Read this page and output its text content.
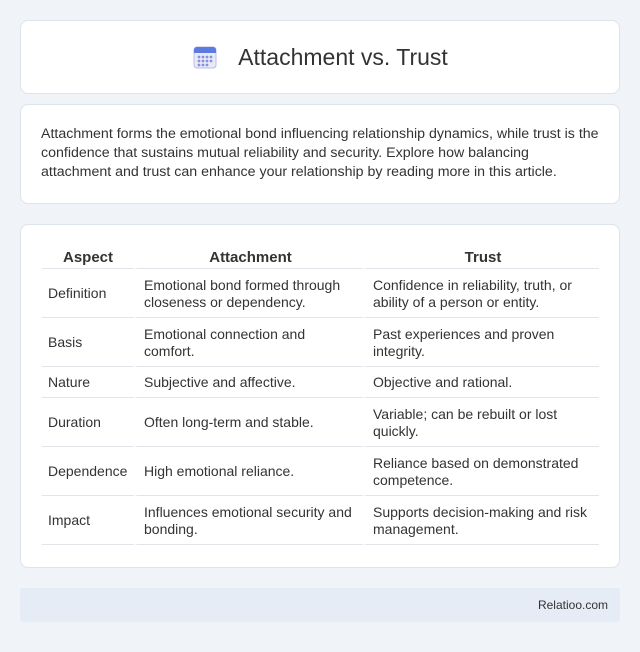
Attachment vs. Trust

Attachment forms the emotional bond influencing relationship dynamics, while trust is the confidence that sustains mutual reliability and security. Explore how balancing attachment and trust can enhance your relationship by reading more in this article.

Aspect	Attachment	Trust
Definition	Emotional bond formed through closeness or dependency.	Confidence in reliability, truth, or ability of a person or entity.
Basis	Emotional connection and comfort.	Past experiences and proven integrity.
Nature	Subjective and affective.	Objective and rational.
Duration	Often long-term and stable.	Variable; can be rebuilt or lost quickly.
Dependence	High emotional reliance.	Reliance based on demonstrated competence.
Impact	Influences emotional security and bonding.	Supports decision-making and risk management.
Relatioo.com
